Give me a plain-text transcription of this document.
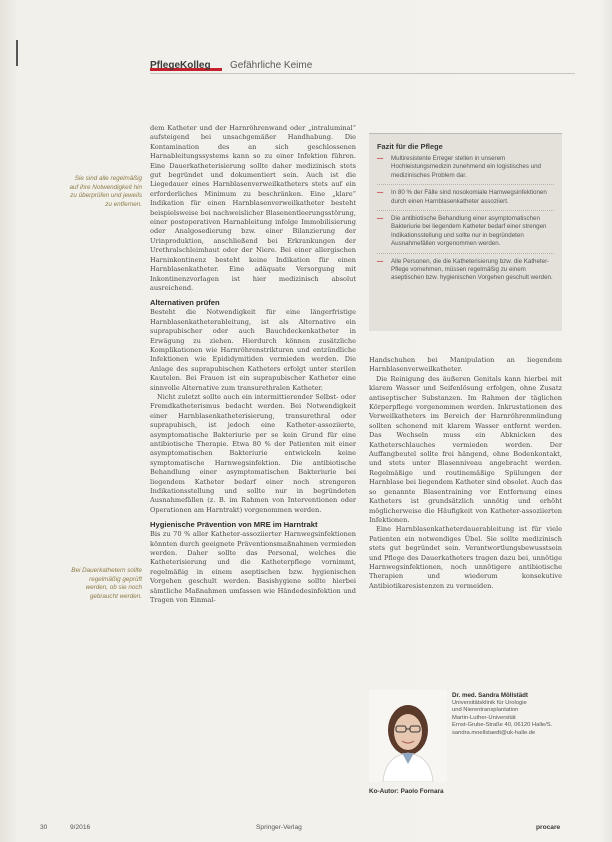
PflegeKolleg Gefährliche Keime
Sie sind alle regelmäßig auf ihre Notwendigkeit hin zu überprüfen und jeweils zu entfernen.
Bei Dauerkathetern sollte regelmäßig geprüft werden, ob sie noch gebraucht werden.

dem Katheter und der Harnröhrenwand oder „intraluminal“ aufsteigend bei unsachgemäßer Handhabung. Die Kontamination des an sich geschlossenen Harnableitungssystems kann so zu einer Infektion führen. Eine Dauerkatheterisierung sollte daher medizinisch stets gut begründet und dokumentiert sein. Auch ist die Liegedauer eines Harnblasenverweilkatheters stets auf ein erforderliches Minimum zu beschränken. Eine „klare“ Indikation für einen Harnblasenverweilkatheter besteht beispielsweise bei nachweislicher Blasenentleerungsstörung, einer postoperativen Harnableitung infolge Immobilisierung oder Analgosedierung bzw. einer Bilanzierung der Urinproduktion, anschließend bei Erkrankungen der Urethralschleimhaut oder der Niere. Bei einer allergischen Harninkontinenz besteht keine Indikation für einen Harnblasenkatheter. Eine adäquate Versorgung mit Inkontinenzvorlagen ist hier medizinisch absolut ausreichend.

Alternativen prüfen

Besteht die Notwendigkeit für eine längerfristige Harnblasenkatheterableitung, ist als Alternative ein suprapubischer oder auch Bauchdeckenkatheter in Erwägung zu ziehen. Hierdurch können zusätzliche Komplikationen wie Harnröhrenstrikturen und entzündliche Infektionen wie Epididymitiden vermieden werden. Die Anlage des suprapubischen Katheters erfolgt unter sterilen Kautelen. Bei Frauen ist ein suprapubischer Katheter eine sinnvolle Alternative zum transurethralen Katheter.

Nicht zuletzt sollte auch ein intermittierender Selbst- oder Fremdkatheterismus bedacht werden. Bei Notwendigkeit einer Harnblasenkatheterisierung, transurethral oder suprapubisch, ist jedoch eine Katheter-assoziierte, asymptomatische Bakteriurie per se kein Grund für eine antibiotische Therapie. Etwa 80 % der Patienten mit einer asymptomatischen Bakteriurie entwickeln keine symptomatische Harnwegsinfektion. Die antibiotische Behandlung einer asymptomatischen Bakteriurie bei liegendem Katheter bedarf einer noch strengeren Indikationsstellung und sollte nur in begründeten Ausnahmefällen (z. B. im Rahmen von Interventionen oder Operationen am Harntrakt) vorgenommen werden.

Hygienische Prävention von MRE im Harntrakt

Bis zu 70 % aller Katheter-assoziierter Harnwegsinfektionen könnten durch geeignete Präventionsmaßnahmen vermieden werden. Daher sollte das Personal, welches die Katheterisierung und die Katheterpflege vornimmt, regelmäßig in einem aseptischen bzw. hygienischen Vorgehen geschult werden. Basishygiene sollte hierbei sämtliche Maßnahmen umfassen wie Händedesinfektion und Tragen von Einmal-

Fazit für die Pflege
— Multiresistente Erreger stellen in unserem Hochleistungsmedizin zunehmend ein logistisches und medizinisches Problem dar.
— In 80 % der Fälle sind nosokomiale Harnwegsinfektionen durch einen Harnblasenkatheter assoziiert.
— Die antibiotische Behandlung einer asymptomatischen Bakteriurie bei liegendem Katheter bedarf einer strengen Indikationsstellung und sollte nur in begründeten Ausnahmefällen vorgenommen werden.
— Alle Personen, die die Katheterisierung bzw. die Katheter-Pflege vornehmen, müssen regelmäßig zu einem aseptischen bzw. hygienischen Vorgehen geschult werden.

Handschuhen bei Manipulation an liegendem Harnblasenverweilkatheter.

Die Reinigung des äußeren Genitals kann hierbei mit klarem Wasser und Seifenlösung erfolgen, ohne Zusatz antiseptischer Substanzen. Im Rahmen der täglichen Körperpflege vorgenommen werden. Inkrustationen des Verweilkatheters im Bereich der Harnröhrenmündung sollten schonend mit klarem Wasser entfernt werden. Das Wechseln muss ein Abknicken des Katheterschlauches vermieden werden. Der Auffangbeutel sollte frei hängend, ohne Bodenkontakt, und stets unter Blasenniveau angebracht werden. Regelmäßige und routinemäßige Spülungen der Harnblase bei liegendem Katheter sind obsolet. Auch das so genannte Blasentraining vor Entfernung eines Katheters ist grundsätzlich unnötig und erhöht möglicherweise die Häufigkeit von Katheter-assoziierten Infektionen.

Eine Harnblasenkatheterdauerableitung ist für viele Patienten ein notwendiges Übel. Sie sollte medizinisch stets gut begründet sein. Verantwortlungsbewusstsein und Pflege des Dauerkatheters tragen dazu bei, unnötige Harnwegsinfektionen, noch unnötigere antibiotische Therapien und wiederum konsekutive Antibiotikaresistenzen zu vermeiden.

Dr. med. Sandra Möllstädt
Universitätsklinik für Urologie
und Nierentransplantation
Martin-Luther-Universität
Ernst-Grube-Straße 40, 06120 Halle/S.
sandra.moellstaedt@uk-halle.de
Ko-Autor: Paolo Fornara
30	9/2016	Springer-Verlag	procare
